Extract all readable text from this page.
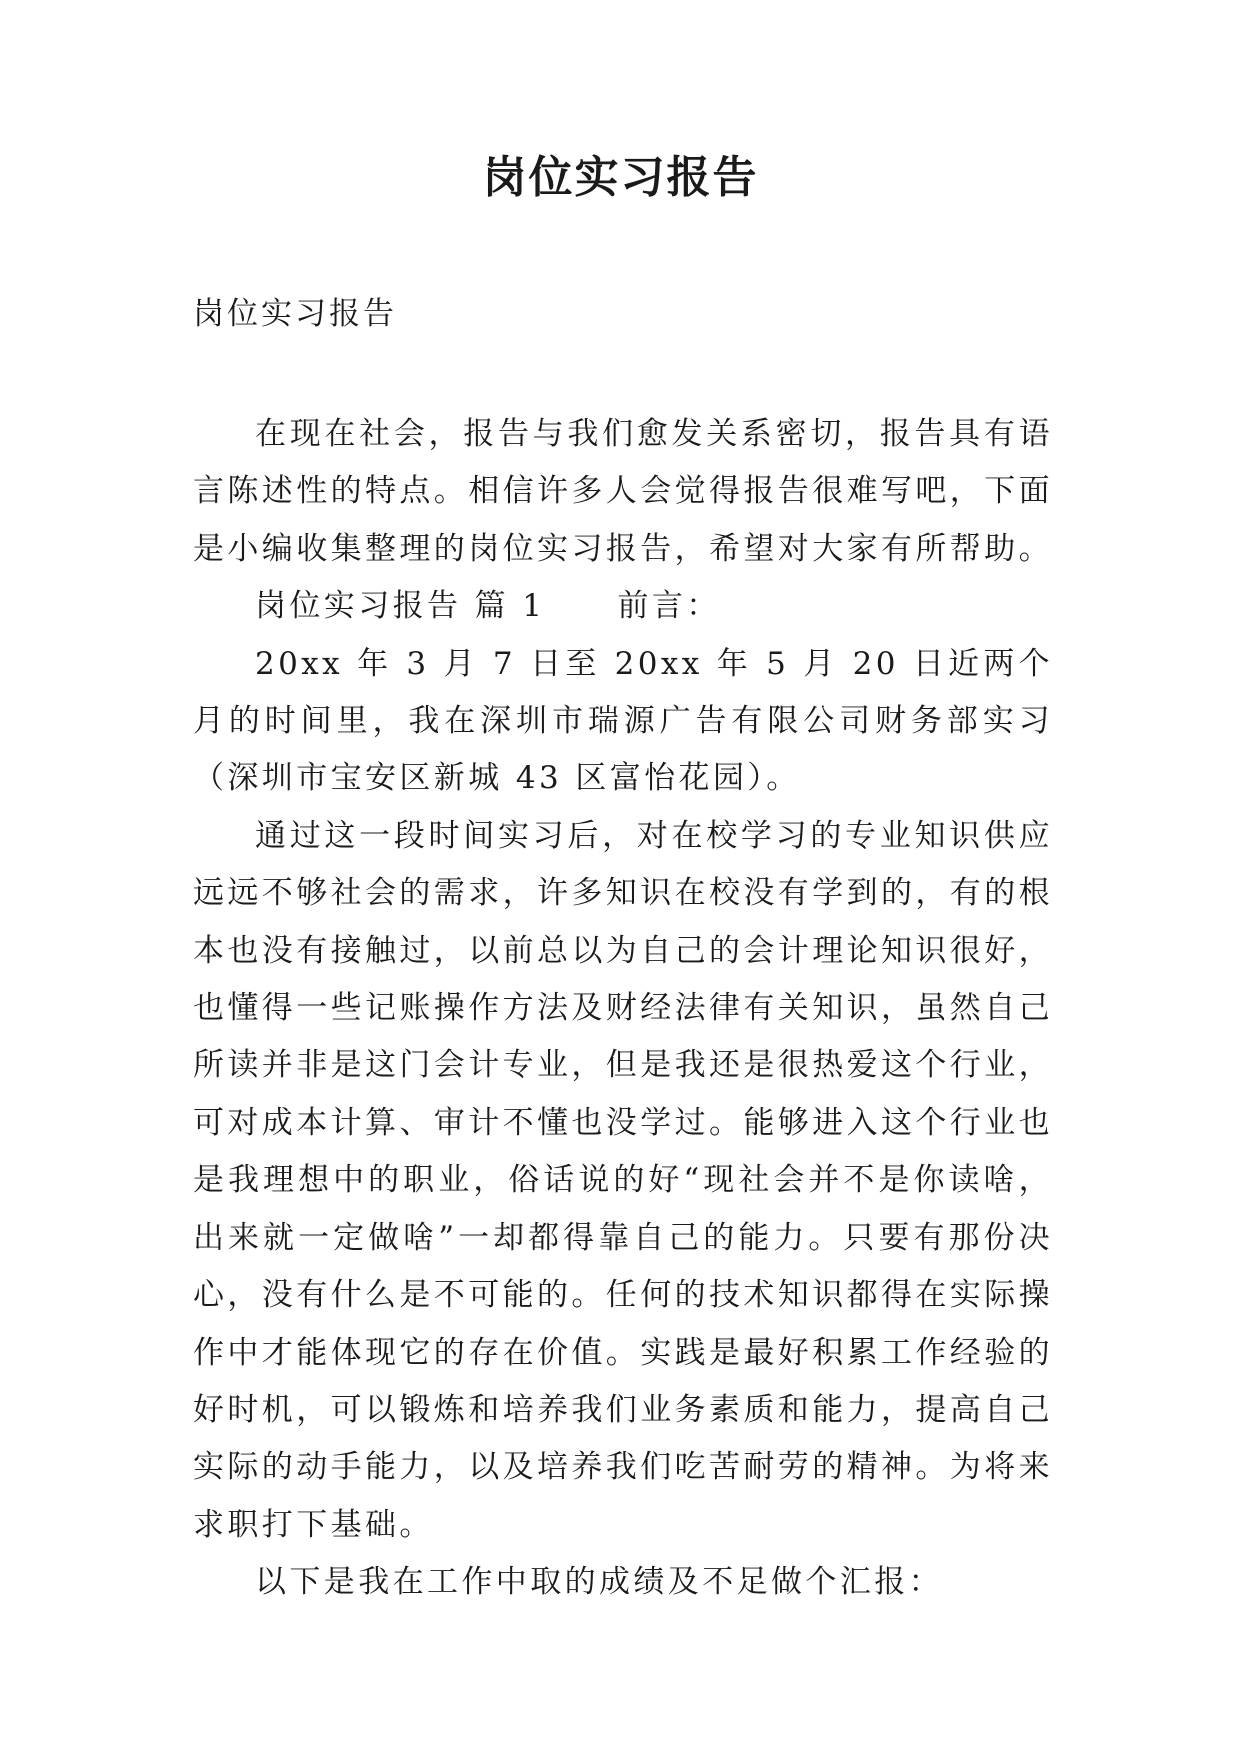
岗位实习报告
岗位实习报告

在现在社会，报告与我们愈发关系密切，报告具有语言陈述性的特点。相信许多人会觉得报告很难写吧，下面是小编收集整理的岗位实习报告，希望对大家有所帮助。

岗位实习报告 篇 1 前言：

20xx 年 3 月 7 日至 20xx 年 5 月 20 日近两个月的时间里，我在深圳市瑞源广告有限公司财务部实习（深圳市宝安区新城 43 区富怡花园）。

通过这一段时间实习后，对在校学习的专业知识供应远远不够社会的需求，许多知识在校没有学到的，有的根本也没有接触过，以前总以为自己的会计理论知识很好，也懂得一些记账操作方法及财经法律有关知识，虽然自己所读并非是这门会计专业，但是我还是很热爱这个行业，可对成本计算、审计不懂也没学过。能够进入这个行业也是我理想中的职业，俗话说的好“现社会并不是你读啥，出来就一定做啥”一却都得靠自己的能力。只要有那份决心，没有什么是不可能的。任何的技术知识都得在实际操作中才能体现它的存在价值。实践是最好积累工作经验的好时机，可以锻炼和培养我们业务素质和能力，提高自己实际的动手能力，以及培养我们吃苦耐劳的精神。为将来求职打下基础。

以下是我在工作中取的成绩及不足做个汇报：
